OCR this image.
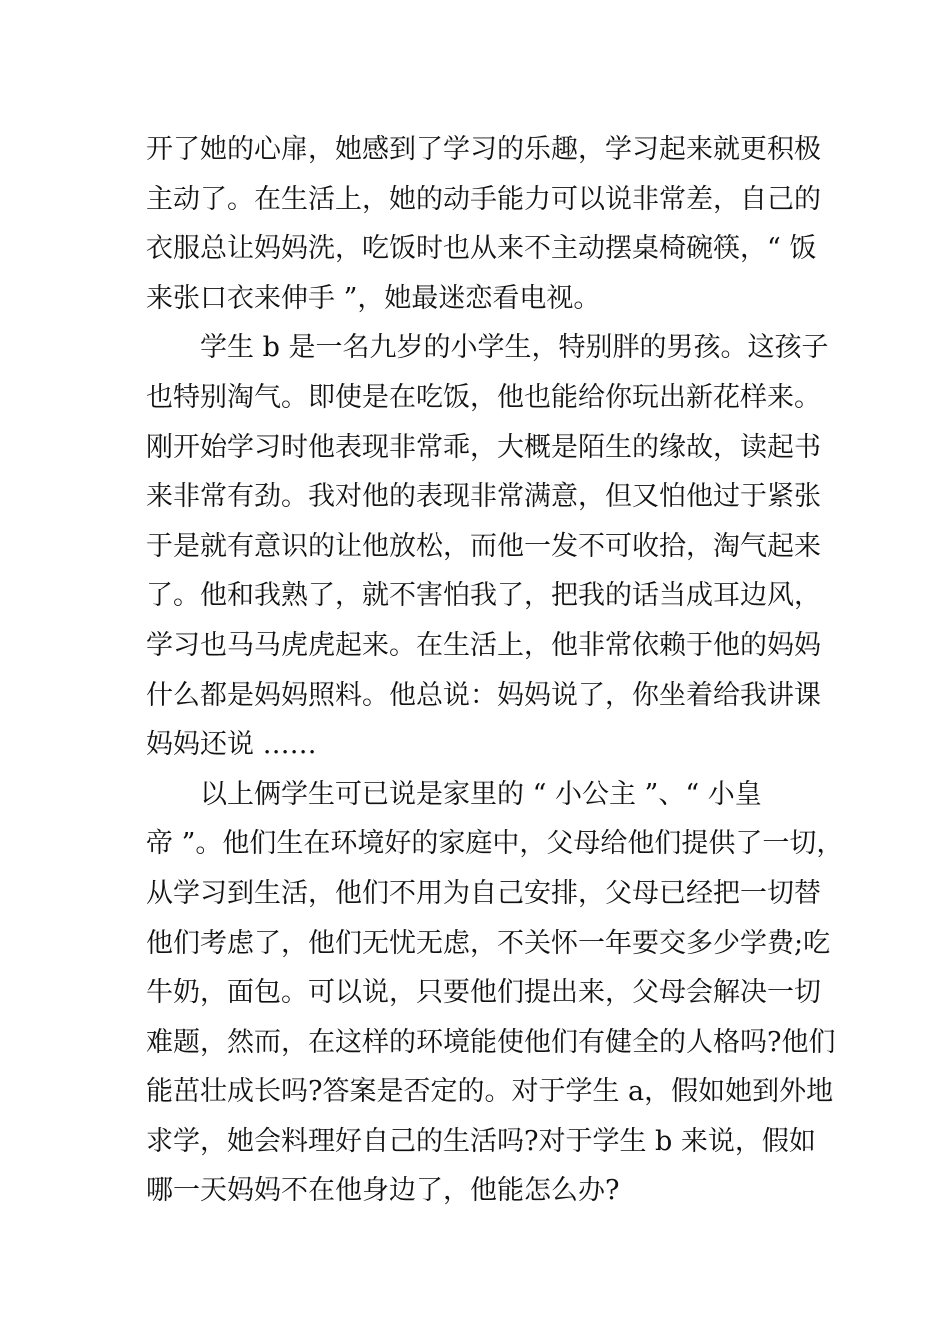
开了她的心扉，她感到了学习的乐趣，学习起来就更积极
主动了。在生活上，她的动手能力可以说非常差，自己的
衣服总让妈妈洗，吃饭时也从来不主动摆桌椅碗筷，“ 饭
来张口衣来伸手 ”，她最迷恋看电视。
学生 b 是一名九岁的小学生，特别胖的男孩。这孩子
也特别淘气。即使是在吃饭，他也能给你玩出新花样来。
刚开始学习时他表现非常乖，大概是陌生的缘故，读起书
来非常有劲。我对他的表现非常满意，但又怕他过于紧张
于是就有意识的让他放松，而他一发不可收拾，淘气起来
了。他和我熟了，就不害怕我了，把我的话当成耳边风，
学习也马马虎虎起来。在生活上，他非常依赖于他的妈妈
什么都是妈妈照料。他总说：妈妈说了，你坐着给我讲课
妈妈还说 ……
以上俩学生可已说是家里的 “ 小公主 ”、“ 小皇
帝 ”。他们生在环境好的家庭中，父母给他们提供了一切，
从学习到生活，他们不用为自己安排，父母已经把一切替
他们考虑了，他们无忧无虑，不关怀一年要交多少学费;吃
牛奶，面包。可以说，只要他们提出来，父母会解决一切
难题，然而，在这样的环境能使他们有健全的人格吗?他们
能茁壮成长吗?答案是否定的。对于学生 a，假如她到外地
求学，她会料理好自己的生活吗?对于学生 b 来说，假如
哪一天妈妈不在他身边了，他能怎么办?
